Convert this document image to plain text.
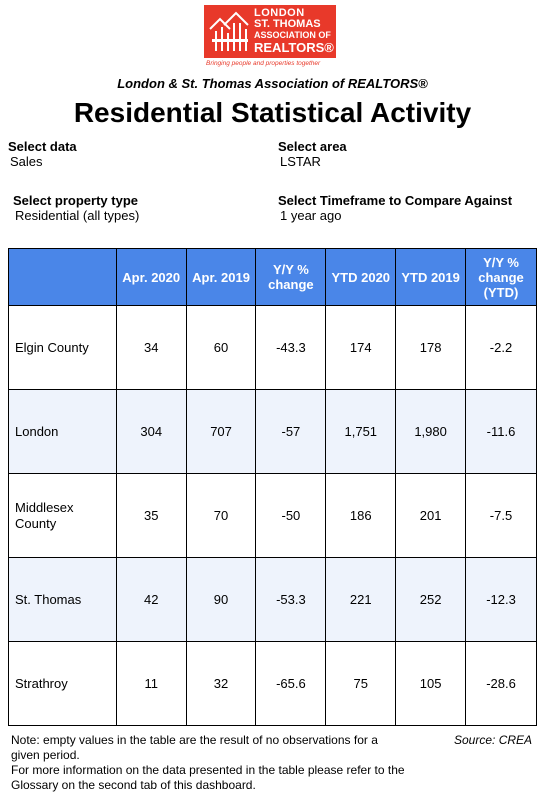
LONDON
ST. THOMAS
ASSOCIATION OF
REALTORS®
Bringing people and properties together
London & St. Thomas Association of REALTORS®
Residential Statistical Activity
Select data
Sales
Select area
LSTAR
Select property type
Residential (all types)
Select Timeframe to Compare Against
1 year ago
	Apr. 2020	Apr. 2019	Y/Y % change	YTD 2020	YTD 2019	Y/Y % change (YTD)
Elgin County	34	60	-43.3	174	178	-2.2
London	304	707	-57	1,751	1,980	-11.6
Middlesex County	35	70	-50	186	201	-7.5
St. Thomas	42	90	-53.3	221	252	-12.3
Strathroy	11	32	-65.6	75	105	-28.6
Note: empty values in the table are the result of no observations for a given period.
For more information on the data presented in the table please refer to the Glossary on the second tab of this dashboard.
Source: CREA
